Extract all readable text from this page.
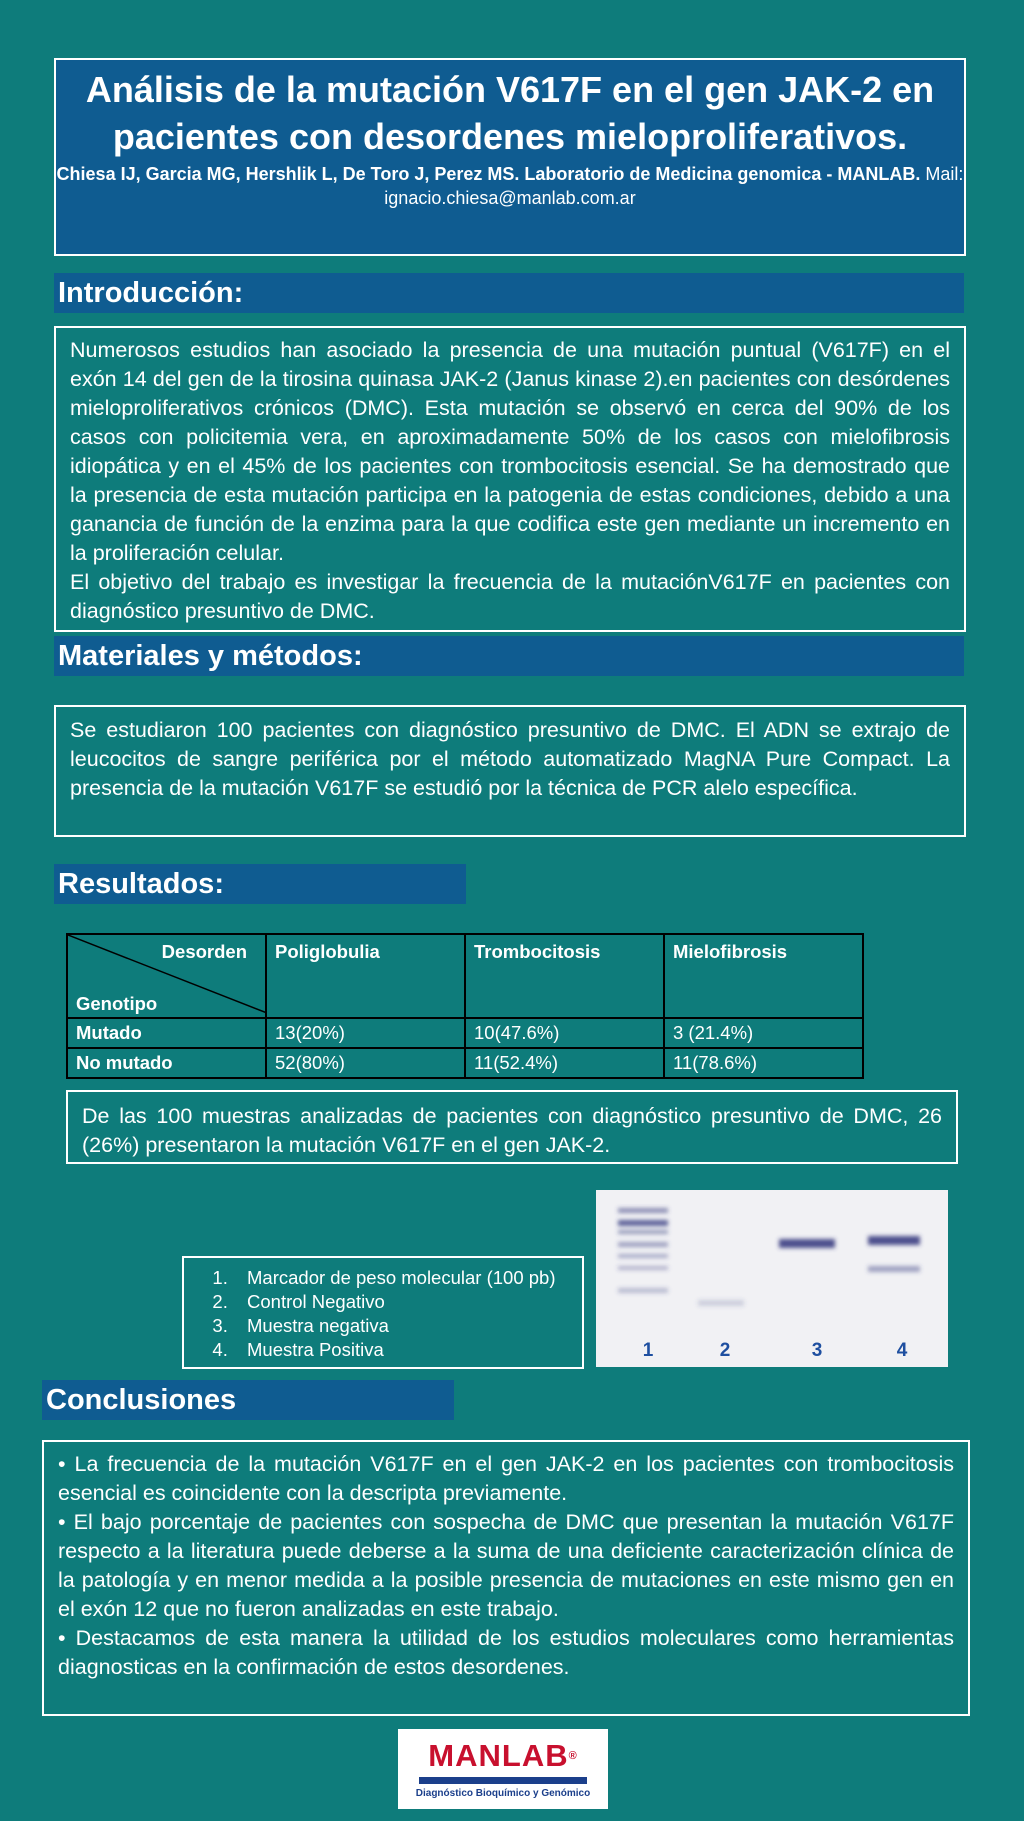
Análisis de la mutación V617F en el gen JAK-2 en pacientes con desordenes mieloproliferativos.
Chiesa IJ, Garcia MG, Hershlik L, De Toro J, Perez MS. Laboratorio de Medicina genomica - MANLAB. Mail: ignacio.chiesa@manlab.com.ar
Introducción:
Numerosos estudios han asociado la presencia de una mutación puntual (V617F) en el exón 14 del gen de la tirosina quinasa JAK-2 (Janus kinase 2).en pacientes con desórdenes mieloproliferativos crónicos (DMC). Esta mutación se observó en cerca del 90% de los casos con policitemia vera, en aproximadamente 50% de los casos con mielofibrosis idiopática y en el 45% de los pacientes con trombocitosis esencial. Se ha demostrado que la presencia de esta mutación participa en la patogenia de estas condiciones, debido a una ganancia de función de la enzima para la que codifica este gen mediante un incremento en la proliferación celular.
El objetivo del trabajo es investigar la frecuencia de la mutaciónV617F en pacientes con diagnóstico presuntivo de DMC.
Materiales y métodos:
Se estudiaron 100 pacientes con diagnóstico presuntivo de DMC. El ADN se extrajo de leucocitos de sangre periférica por el método automatizado MagNA Pure Compact. La presencia de la mutación V617F se estudió por la técnica de PCR alelo específica.
Resultados:
Desorden
Genotipo	Poliglobulia	Trombocitosis	Mielofibrosis
Mutado	13(20%)	10(47.6%)	3 (21.4%)
No mutado	52(80%)	11(52.4%)	11(78.6%)
De las 100 muestras analizadas de pacientes con diagnóstico presuntivo de DMC, 26 (26%) presentaron la mutación V617F en el gen JAK-2.
1. Marcador de peso molecular (100 pb)
2. Control Negativo
3. Muestra negativa
4. Muestra Positiva	1	2	3	4
Conclusiones
• La frecuencia de la mutación V617F en el gen JAK-2 en los pacientes con trombocitosis esencial es coincidente con la descripta previamente.
• El bajo porcentaje de pacientes con sospecha de DMC que presentan la mutación V617F respecto a la literatura puede deberse a la suma de una deficiente caracterización clínica de la patología y en menor medida a la posible presencia de mutaciones en este mismo gen en el exón 12 que no fueron analizadas en este trabajo.
• Destacamos de esta manera la utilidad de los estudios moleculares como herramientas diagnosticas en la confirmación de estos desordenes.
MANLAB®
Diagnóstico Bioquímico y Genómico
